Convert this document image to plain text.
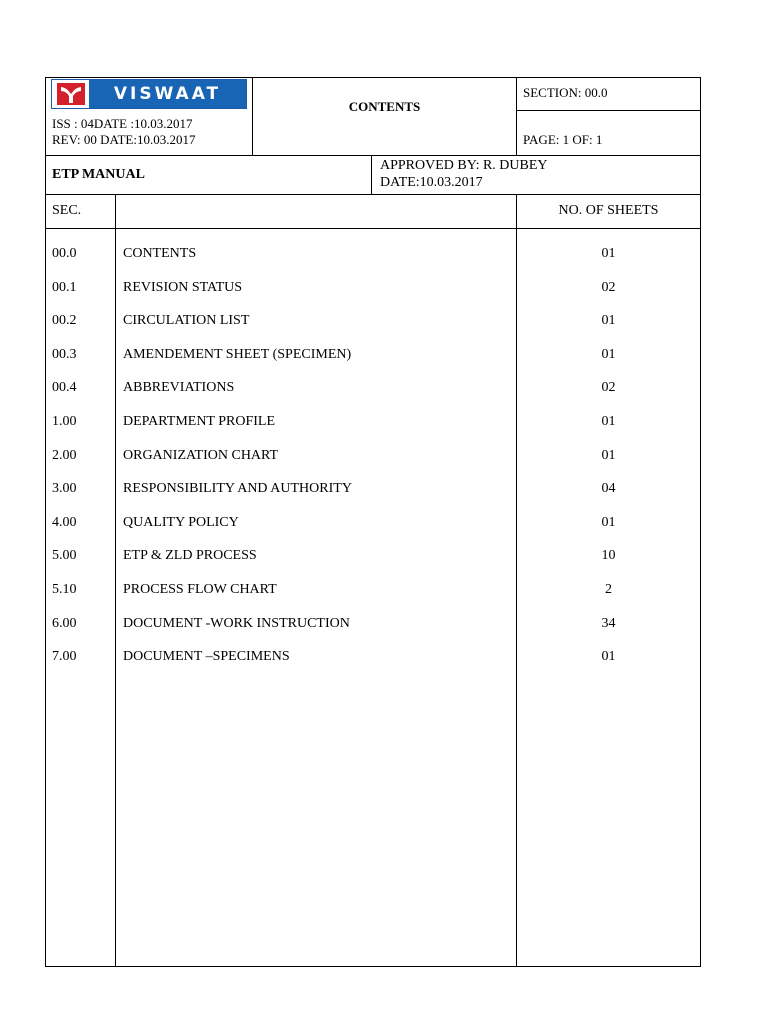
VISWAAT
ISS : 04DATE :10.03.2017
REV: 00 DATE:10.03.2017
CONTENTS
SECTION: 00.0
PAGE: 1 OF: 1
ETP MANUAL
APPROVED BY: R. DUBEY
DATE:10.03.2017
SEC.	NO. OF SHEETS
00.0	CONTENTS	01
00.1	REVISION STATUS	02
00.2	CIRCULATION LIST	01
00.3	AMENDEMENT SHEET (SPECIMEN)	01
00.4	ABBREVIATIONS	02
1.00	DEPARTMENT PROFILE	01
2.00	ORGANIZATION CHART	01
3.00	RESPONSIBILITY AND AUTHORITY	04
4.00	QUALITY POLICY	01
5.00	ETP & ZLD PROCESS	10
5.10	PROCESS FLOW CHART	2
6.00	DOCUMENT -WORK INSTRUCTION	34
7.00	DOCUMENT –SPECIMENS	01
